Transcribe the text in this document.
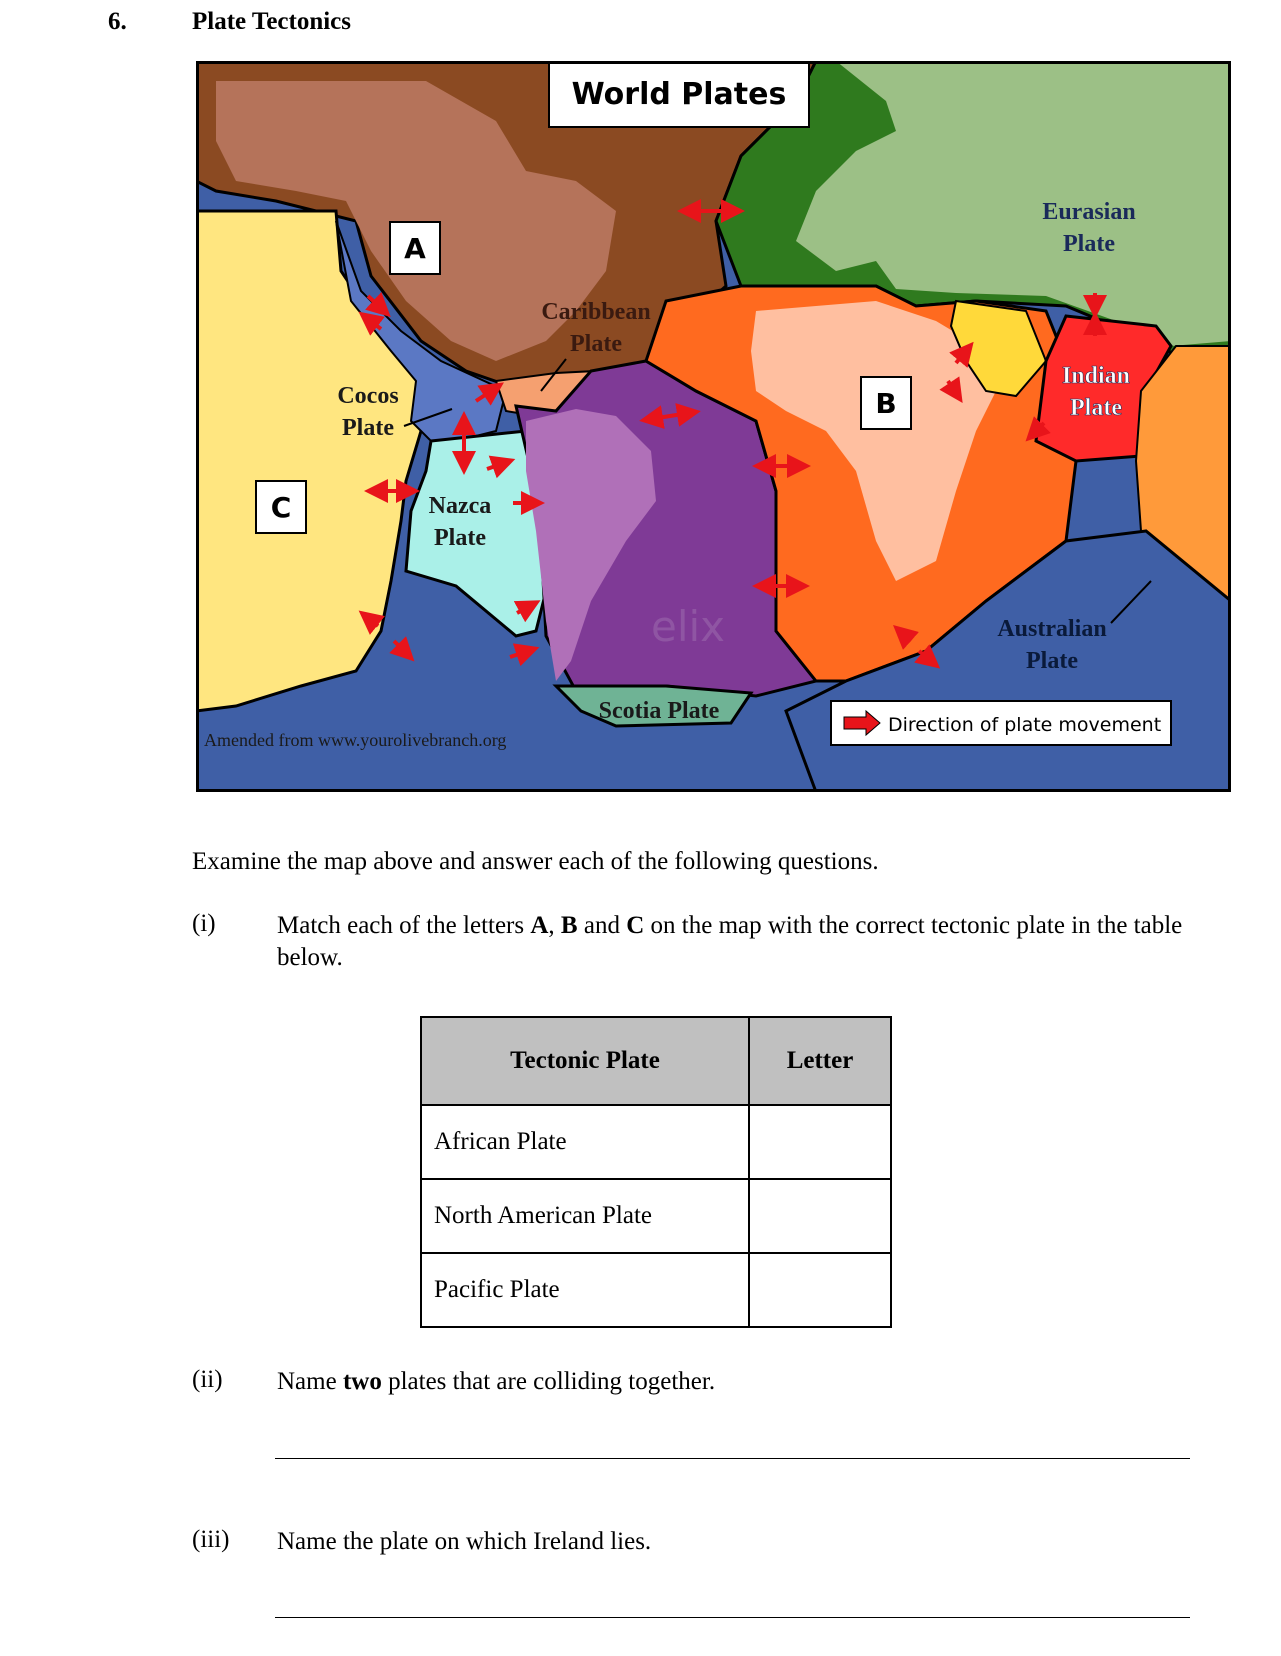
6.	Plate Tectonics
World Plates
A
B
C
Eurasian
Plate
Caribbean
Plate
Cocos
Plate
Nazca
Plate
Indian
Plate
Australian
Plate
Scotia Plate
elix
Amended from www.yourolivebranch.org
Direction of plate movement
Examine the map above and answer each of the following questions.
(i) Match each of the letters A, B and C on the map with the correct tectonic plate in the table below.
Tectonic Plate	Letter
African Plate	
North American Plate	
Pacific Plate	
(ii) Name two plates that are colliding together.
(iii) Name the plate on which Ireland lies.
